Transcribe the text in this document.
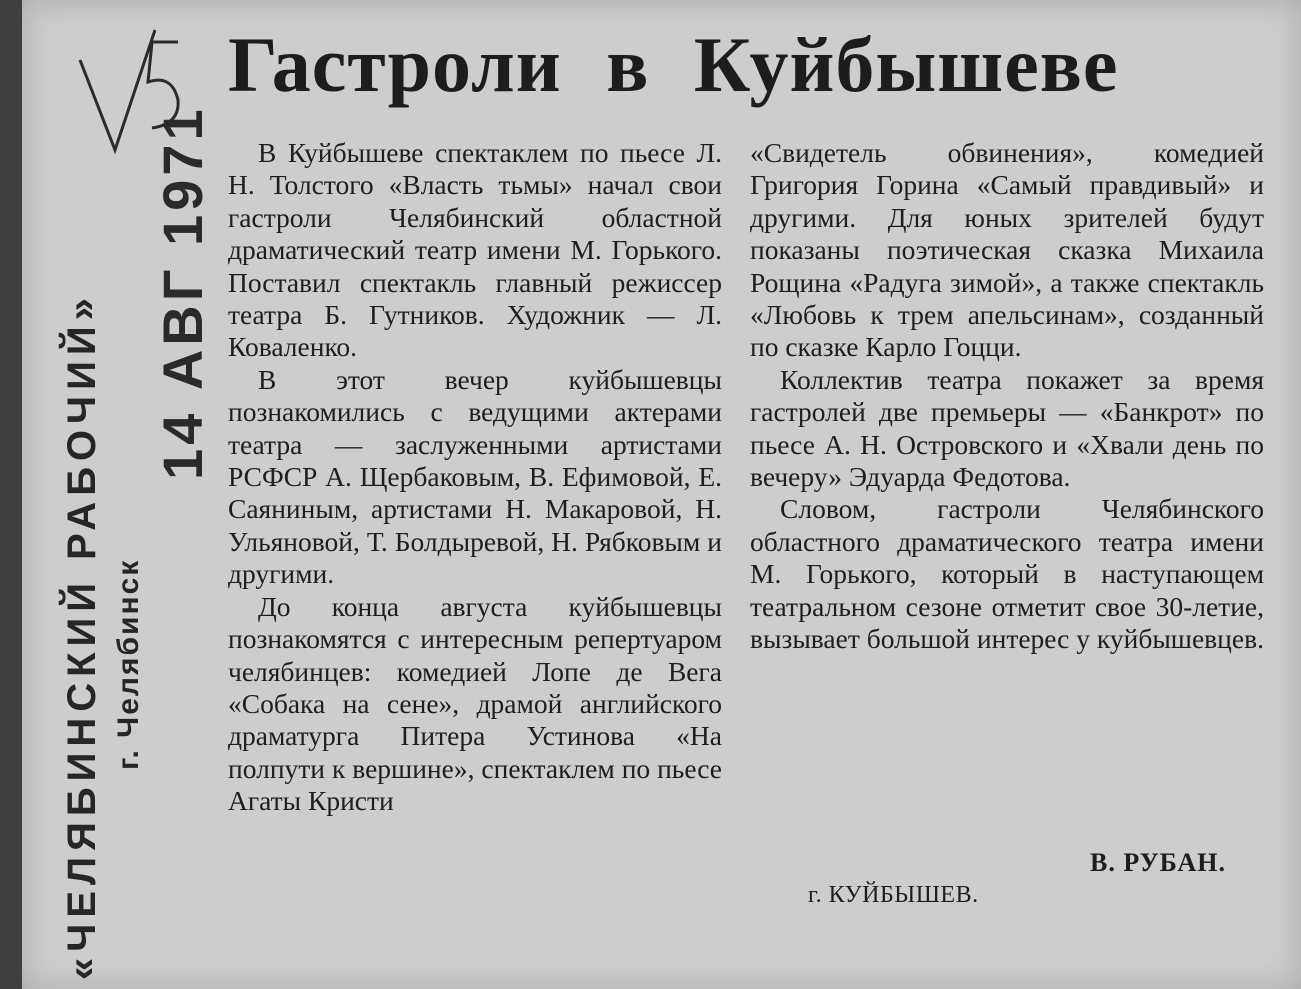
«ЧЕЛЯБИНСКИЙ РАБОЧИЙ» г. Челябинск
14 АВГ 1971
Гастроли в Куйбышеве

В Куйбышеве спектаклем по пьесе Л. Н. Толстого «Власть тьмы» начал свои гастроли Челябинский областной драматический театр имени М. Горького. Поставил спектакль главный режиссер театра Б. Гутников. Художник — Л. Коваленко.

В этот вечер куйбышевцы познакомились с ведущими актерами театра — заслуженными артистами РСФСР А. Щербаковым, В. Ефимовой, Е. Саяниным, артистами Н. Макаровой, Н. Ульяновой, Т. Болдыревой, Н. Рябковым и другими.

До конца августа куйбышевцы познакомятся с интересным репертуаром челябинцев: комедией Лопе де Вега «Собака на сене», драмой английского драматурга Питера Устинова «На полпути к вершине», спектаклем по пьесе Агаты Кристи

«Свидетель обвинения», комедией Григория Горина «Самый правдивый» и другими. Для юных зрителей будут показаны поэтическая сказка Михаила Рощина «Радуга зимой», а также спектакль «Любовь к трем апельсинам», созданный по сказке Карло Гоцци.

Коллектив театра покажет за время гастролей две премьеры — «Банкрот» по пьесе А. Н. Островского и «Хвали день по вечеру» Эдуарда Федотова.

Словом, гастроли Челябинского областного драматического театра имени М. Горького, который в наступающем театральном сезоне отметит свое 30-летие, вызывает большой интерес у куйбышевцев.

В. РУБАН.
г. КУЙБЫШЕВ.
